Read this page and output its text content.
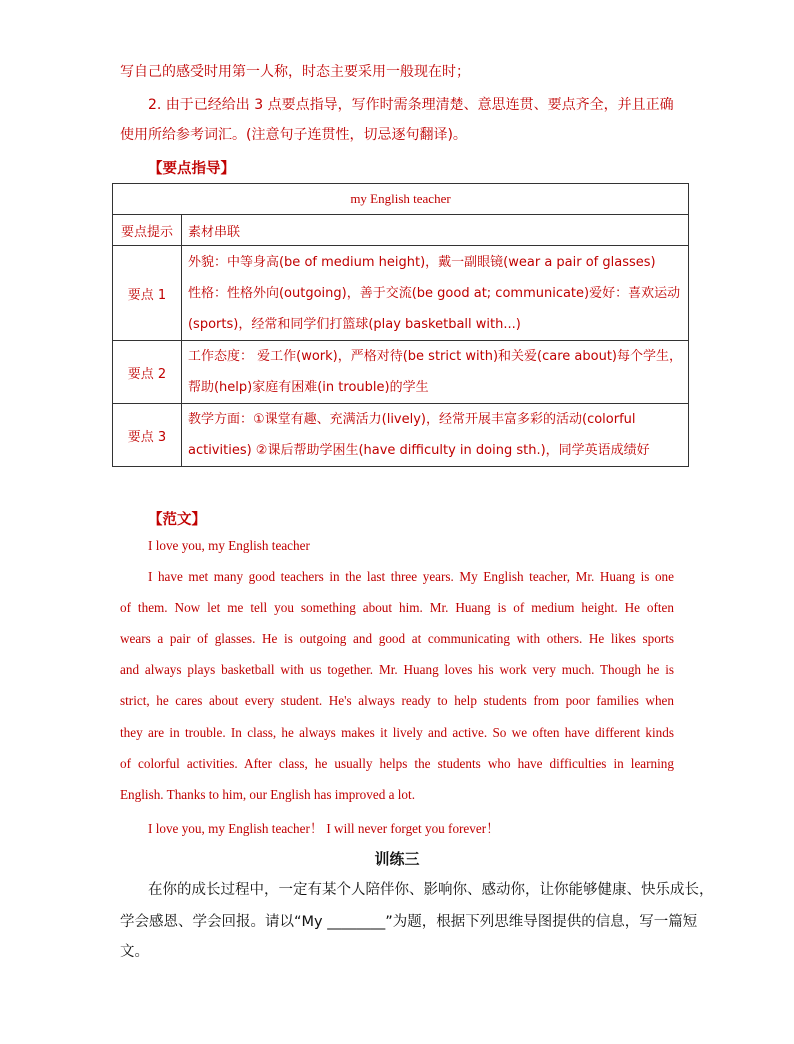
写自己的感受时用第一人称，时态主要采用一般现在时；
2. 由于已经给出 3 点要点指导，写作时需条理清楚、意思连贯、要点齐全，并且正确
使用所给参考词汇。(注意句子连贯性，切忌逐句翻译)。
【要点指导】
my English teacher	
要点提示	素材串联
要点 1	外貌：中等身高(be of medium height)，戴一副眼镜(wear a pair of glasses)
性格：性格外向(outgoing)，善于交流(be good at; communicate)爱好：喜欢运动
(sports)，经常和同学们打篮球(play basketball with...)

要点 2	工作态度： 爱工作(work)，严格对待(be strict with)和关爱(care about)每个学生，
帮助(help)家庭有困难(in trouble)的学生

要点 3	教学方面：①课堂有趣、充满活力(lively)，经常开展丰富多彩的活动(colorful
activities) ②课后帮助学困生(have difficulty in doing sth.)，同学英语成绩好
【范文】
I love you, my English teacher
I have met many good teachers in the last three years. My English teacher, Mr. Huang is one
of them. Now let me tell you something about him. Mr. Huang is of medium height. He often
wears a pair of glasses. He is outgoing and good at communicating with others. He likes sports
and always plays basketball with us together. Mr. Huang loves his work very much. Though he is
strict, he cares about every student. He's always ready to help students from poor families when
they are in trouble. In class, he always makes it lively and active. So we often have different kinds
of colorful activities. After class, he usually helps the students who have difficulties in learning
English. Thanks to him, our English has improved a lot.
I love you, my English teacher！ I will never forget you forever！
训练三
在你的成长过程中，一定有某个人陪伴你、影响你、感动你，让你能够健康、快乐成长，
学会感恩、学会回报。请以“My ________”为题，根据下列思维导图提供的信息，写一篇短
文。
